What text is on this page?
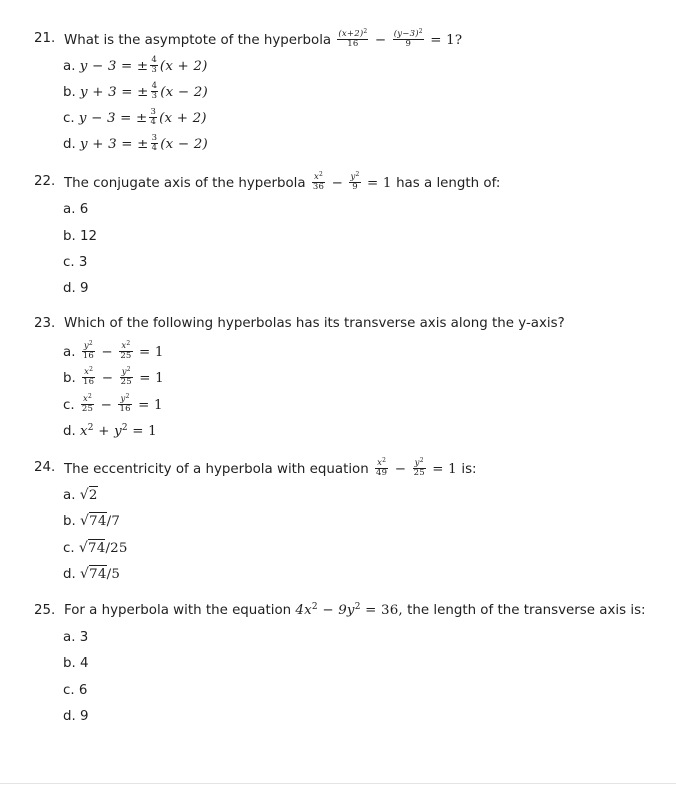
21. What is the asymptote of the hyperbola $\frac{(x+2)^2}{16} - \frac{(y-3)^2}{9} = 1$?
a. y − 3 = ± $\frac{4}{3} (x + 2)$
b. y + 3 = ± $\frac{4}{3} (x - 2)$
c. y − 3 = ± $\frac{3}{4} (x + 2)$
d. y + 3 = ± $\frac{3}{4} (x - 2)$
22. The conjugate axis of the hyperbola $\frac{x^2}{36} - \frac{y^2}{9} = 1$ has a length of:
a. 6
b. 12
c. 3
d. 9
23. Which of the following hyperbolas has its transverse axis along the y-axis?
a. $\frac{y^2}{16} - \frac{x^2}{25} = 1$
b. $\frac{x^2}{16} - \frac{y^2}{25} = 1$
c. $\frac{x^2}{25} - \frac{y^2}{16} = 1$
d. $x^2 + y^2 = 1$
24. The eccentricity of a hyperbola with equation $\frac{x^2}{49} - \frac{y^2}{25} = 1$ is:
a. √2
b. √74/7
c. √74/25
d. √74/5
25. For a hyperbola with the equation $4x^2 - 9y^2 = 36$, the length of the transverse axis is:
a. 3
b. 4
c. 6
d. 9
